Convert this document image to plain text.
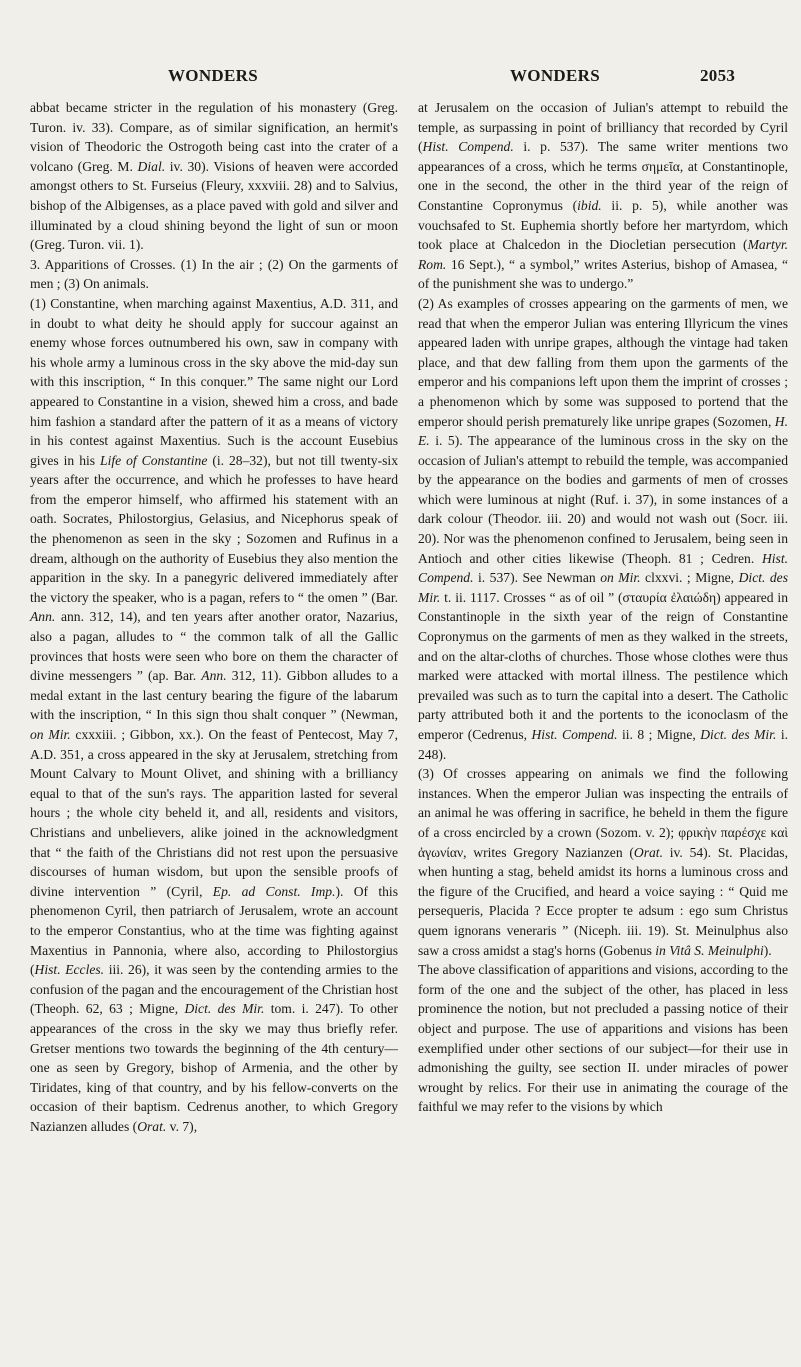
WONDERS	WONDERS	2053

abbat became stricter in the regulation of his monastery (Greg. Turon. iv. 33). Compare, as of similar signification, an hermit's vision of Theodoric the Ostrogoth being cast into the crater of a volcano (Greg. M. Dial. iv. 30). Visions of heaven were accorded amongst others to St. Furseius (Fleury, xxxviii. 28) and to Salvius, bishop of the Albigenses, as a place paved with gold and silver and illuminated by a cloud shining beyond the light of sun or moon (Greg. Turon. vii. 1).

3. Apparitions of Crosses. (1) In the air ; (2) On the garments of men ; (3) On animals.

(1) Constantine, when marching against Maxentius, A.D. 311, and in doubt to what deity he should apply for succour against an enemy whose forces outnumbered his own, saw in company with his whole army a luminous cross in the sky above the mid-day sun with this inscription, “ In this conquer.” The same night our Lord appeared to Constantine in a vision, shewed him a cross, and bade him fashion a standard after the pattern of it as a means of victory in his contest against Maxentius. Such is the account Eusebius gives in his Life of Constantine (i. 28–32), but not till twenty-six years after the occurrence, and which he professes to have heard from the emperor himself, who affirmed his statement with an oath. Socrates, Philostorgius, Gelasius, and Nicephorus speak of the phenomenon as seen in the sky ; Sozomen and Rufinus in a dream, although on the authority of Eusebius they also mention the apparition in the sky. In a panegyric delivered immediately after the victory the speaker, who is a pagan, refers to “ the omen ” (Bar. Ann. ann. 312, 14), and ten years after another orator, Nazarius, also a pagan, alludes to “ the common talk of all the Gallic provinces that hosts were seen who bore on them the character of divine messengers ” (ap. Bar. Ann. 312, 11). Gibbon alludes to a medal extant in the last century bearing the figure of the labarum with the inscription, “ In this sign thou shalt conquer ” (Newman, on Mir. cxxxiii. ; Gibbon, xx.). On the feast of Pentecost, May 7, A.D. 351, a cross appeared in the sky at Jerusalem, stretching from Mount Calvary to Mount Olivet, and shining with a brilliancy equal to that of the sun's rays. The apparition lasted for several hours ; the whole city beheld it, and all, residents and visitors, Christians and unbelievers, alike joined in the acknowledgment that “ the faith of the Christians did not rest upon the persuasive discourses of human wisdom, but upon the sensible proofs of divine intervention ” (Cyril, Ep. ad Const. Imp.). Of this phenomenon Cyril, then patriarch of Jerusalem, wrote an account to the emperor Constantius, who at the time was fighting against Maxentius in Pannonia, where also, according to Philostorgius (Hist. Eccles. iii. 26), it was seen by the contending armies to the confusion of the pagan and the encouragement of the Christian host (Theoph. 62, 63 ; Migne, Dict. des Mir. tom. i. 247). To other appearances of the cross in the sky we may thus briefly refer. Gretser mentions two towards the beginning of the 4th century—one as seen by Gregory, bishop of Armenia, and the other by Tiridates, king of that country, and by his fellow-converts on the occasion of their baptism. Cedrenus another, to which Gregory Nazianzen alludes (Orat. v. 7),

at Jerusalem on the occasion of Julian's attempt to rebuild the temple, as surpassing in point of brilliancy that recorded by Cyril (Hist. Compend. i. p. 537). The same writer mentions two appearances of a cross, which he terms σημεῖα, at Constantinople, one in the second, the other in the third year of the reign of Constantine Copronymus (ibid. ii. p. 5), while another was vouchsafed to St. Euphemia shortly before her martyrdom, which took place at Chalcedon in the Diocletian persecution (Martyr. Rom. 16 Sept.), “ a symbol,” writes Asterius, bishop of Amasea, “ of the punishment she was to undergo.”

(2) As examples of crosses appearing on the garments of men, we read that when the emperor Julian was entering Illyricum the vines appeared laden with unripe grapes, although the vintage had taken place, and that dew falling from them upon the garments of the emperor and his companions left upon them the imprint of crosses ; a phenomenon which by some was supposed to portend that the emperor should perish prematurely like unripe grapes (Sozomen, H. E. i. 5). The appearance of the luminous cross in the sky on the occasion of Julian's attempt to rebuild the temple, was accompanied by the appearance on the bodies and garments of men of crosses which were luminous at night (Ruf. i. 37), in some instances of a dark colour (Theodor. iii. 20) and would not wash out (Socr. iii. 20). Nor was the phenomenon confined to Jerusalem, being seen in Antioch and other cities likewise (Theoph. 81 ; Cedren. Hist. Compend. i. 537). See Newman on Mir. clxxvi. ; Migne, Dict. des Mir. t. ii. 1117. Crosses “ as of oil ” (σταυρία ἐλαιώδη) appeared in Constantinople in the sixth year of the reign of Constantine Copronymus on the garments of men as they walked in the streets, and on the altar-cloths of churches. Those whose clothes were thus marked were attacked with mortal illness. The pestilence which prevailed was such as to turn the capital into a desert. The Catholic party attributed both it and the portents to the iconoclasm of the emperor (Cedrenus, Hist. Compend. ii. 8 ; Migne, Dict. des Mir. i. 248).

(3) Of crosses appearing on animals we find the following instances. When the emperor Julian was inspecting the entrails of an animal he was offering in sacrifice, he beheld in them the figure of a cross encircled by a crown (Sozom. v. 2); φρικὴν παρέσχε καὶ ἀγωνίαν, writes Gregory Nazianzen (Orat. iv. 54). St. Placidas, when hunting a stag, beheld amidst its horns a luminous cross and the figure of the Crucified, and heard a voice saying : “ Quid me persequeris, Placida ? Ecce propter te adsum : ego sum Christus quem ignorans veneraris ” (Niceph. iii. 19). St. Meinulphus also saw a cross amidst a stag's horns (Gobenus in Vitâ S. Meinulphi).

The above classification of apparitions and visions, according to the form of the one and the subject of the other, has placed in less prominence the notion, but not precluded a passing notice of their object and purpose. The use of apparitions and visions has been exemplified under other sections of our subject—for their use in admonishing the guilty, see section II. under miracles of power wrought by relics. For their use in animating the courage of the faithful we may refer to the visions by which
